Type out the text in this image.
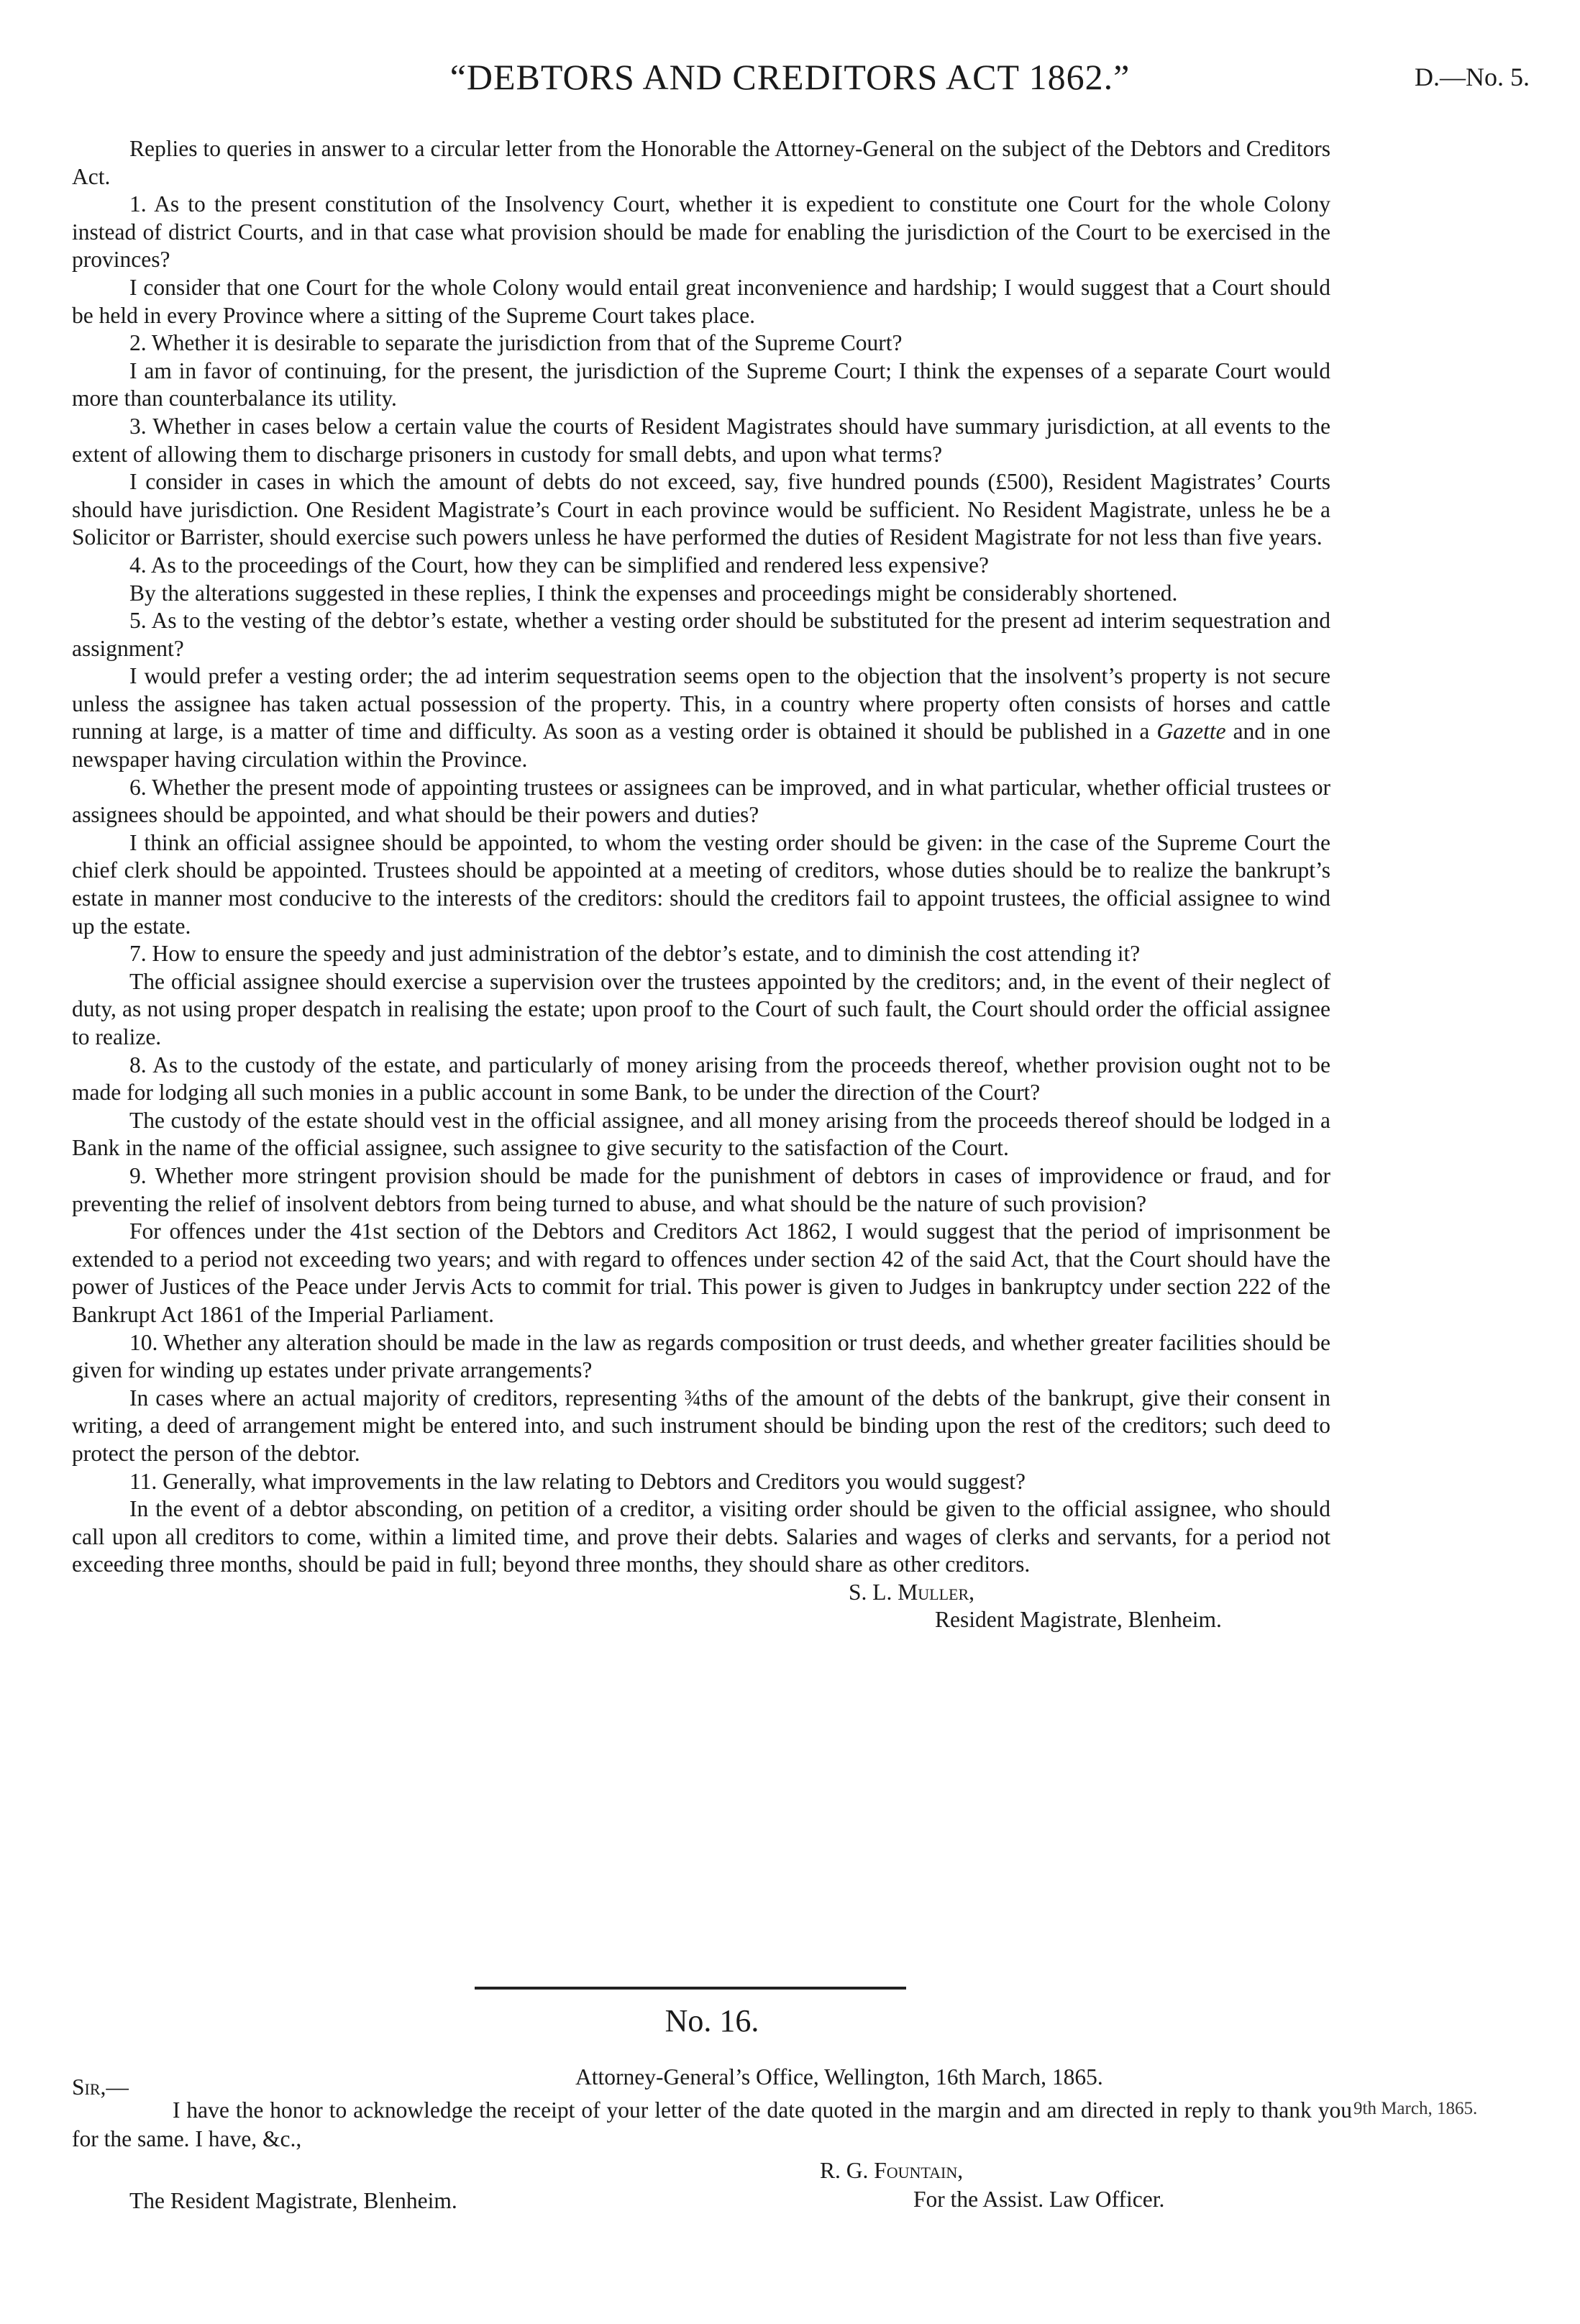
“DEBTORS AND CREDITORS ACT 1862.”	D.—No. 5.

Replies to queries in answer to a circular letter from the Honorable the Attorney-General on the subject of the Debtors and Creditors Act.

1. As to the present constitution of the Insolvency Court, whether it is expedient to constitute one Court for the whole Colony instead of district Courts, and in that case what provision should be made for enabling the jurisdiction of the Court to be exercised in the provinces?

I consider that one Court for the whole Colony would entail great inconvenience and hardship; I would suggest that a Court should be held in every Province where a sitting of the Supreme Court takes place.

2. Whether it is desirable to separate the jurisdiction from that of the Supreme Court?

I am in favor of continuing, for the present, the jurisdiction of the Supreme Court; I think the expenses of a separate Court would more than counterbalance its utility.

3. Whether in cases below a certain value the courts of Resident Magistrates should have summary jurisdiction, at all events to the extent of allowing them to discharge prisoners in custody for small debts, and upon what terms?

I consider in cases in which the amount of debts do not exceed, say, five hundred pounds (£500), Resident Magistrates’ Courts should have jurisdiction. One Resident Magistrate’s Court in each province would be sufficient. No Resident Magistrate, unless he be a Solicitor or Barrister, should exercise such powers unless he have performed the duties of Resident Magistrate for not less than five years.

4. As to the proceedings of the Court, how they can be simplified and rendered less expensive?

By the alterations suggested in these replies, I think the expenses and proceedings might be considerably shortened.

5. As to the vesting of the debtor’s estate, whether a vesting order should be substituted for the present ad interim sequestration and assignment?

I would prefer a vesting order; the ad interim sequestration seems open to the objection that the insolvent’s property is not secure unless the assignee has taken actual possession of the property. This, in a country where property often consists of horses and cattle running at large, is a matter of time and difficulty. As soon as a vesting order is obtained it should be published in a Gazette and in one newspaper having circulation within the Province.

6. Whether the present mode of appointing trustees or assignees can be improved, and in what particular, whether official trustees or assignees should be appointed, and what should be their powers and duties?

I think an official assignee should be appointed, to whom the vesting order should be given: in the case of the Supreme Court the chief clerk should be appointed. Trustees should be appointed at a meeting of creditors, whose duties should be to realize the bankrupt’s estate in manner most conducive to the interests of the creditors: should the creditors fail to appoint trustees, the official assignee to wind up the estate.

7. How to ensure the speedy and just administration of the debtor’s estate, and to diminish the cost attending it?

The official assignee should exercise a supervision over the trustees appointed by the creditors; and, in the event of their neglect of duty, as not using proper despatch in realising the estate; upon proof to the Court of such fault, the Court should order the official assignee to realize.

8. As to the custody of the estate, and particularly of money arising from the proceeds thereof, whether provision ought not to be made for lodging all such monies in a public account in some Bank, to be under the direction of the Court?

The custody of the estate should vest in the official assignee, and all money arising from the proceeds thereof should be lodged in a Bank in the name of the official assignee, such assignee to give security to the satisfaction of the Court.

9. Whether more stringent provision should be made for the punishment of debtors in cases of improvidence or fraud, and for preventing the relief of insolvent debtors from being turned to abuse, and what should be the nature of such provision?

For offences under the 41st section of the Debtors and Creditors Act 1862, I would suggest that the period of imprisonment be extended to a period not exceeding two years; and with regard to offences under section 42 of the said Act, that the Court should have the power of Justices of the Peace under Jervis Acts to commit for trial. This power is given to Judges in bankruptcy under section 222 of the Bankrupt Act 1861 of the Imperial Parliament.

10. Whether any alteration should be made in the law as regards composition or trust deeds, and whether greater facilities should be given for winding up estates under private arrangements?

In cases where an actual majority of creditors, representing ¾ths of the amount of the debts of the bankrupt, give their consent in writing, a deed of arrangement might be entered into, and such instrument should be binding upon the rest of the creditors; such deed to protect the person of the debtor.

11. Generally, what improvements in the law relating to Debtors and Creditors you would suggest?

In the event of a debtor absconding, on petition of a creditor, a visiting order should be given to the official assignee, who should call upon all creditors to come, within a limited time, and prove their debts. Salaries and wages of clerks and servants, for a period not exceeding three months, should be paid in full; beyond three months, they should share as other creditors.

S. L. Muller,
Resident Magistrate, Blenheim.
No. 16.
Sir,—	Attorney-General’s Office, Wellington, 16th March, 1865.
I have the honor to acknowledge the receipt of your letter of the date quoted in the margin and am directed in reply to thank you for the same. I have, &c.,
R. G. Fountain,
For the Assist. Law Officer.
The Resident Magistrate, Blenheim.
9th March, 1865.
